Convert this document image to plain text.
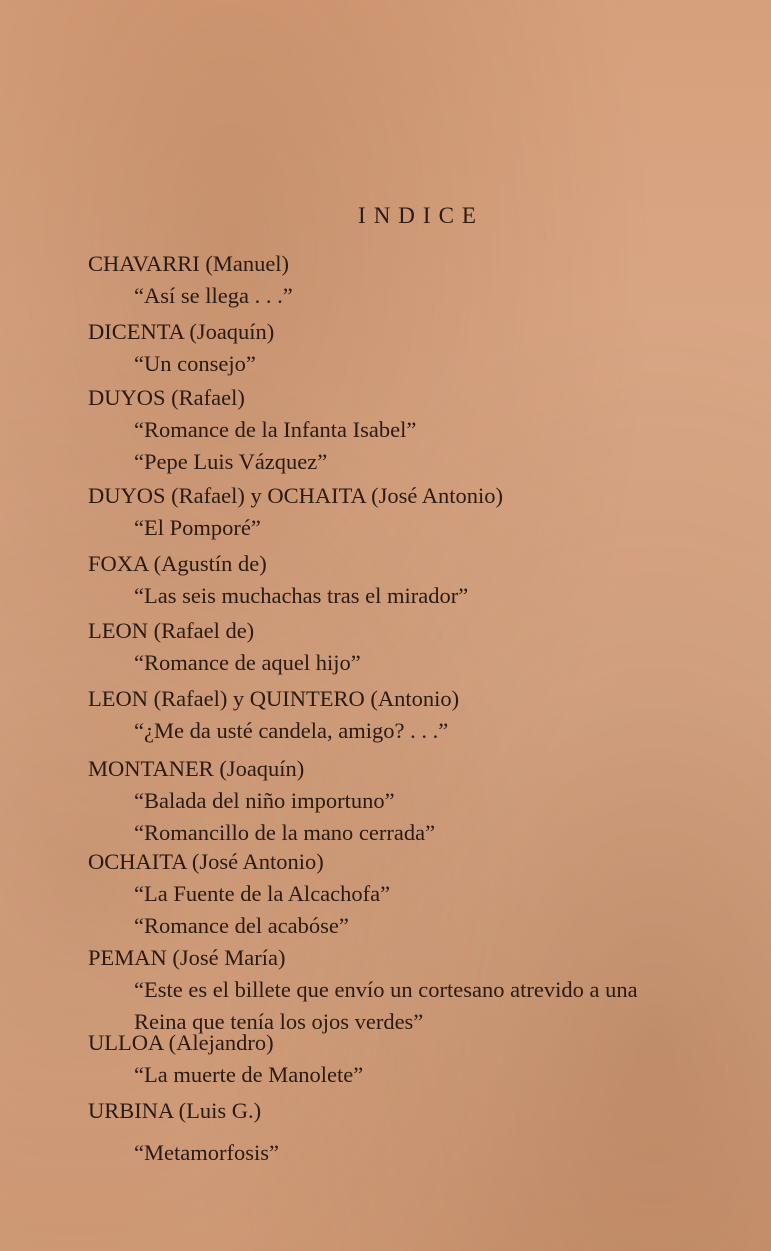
INDICE
CHAVARRI (Manuel)
“Así se llega . . .”
DICENTA (Joaquín)
“Un consejo”
DUYOS (Rafael)
“Romance de la Infanta Isabel”
“Pepe Luis Vázquez”
DUYOS (Rafael) y OCHAITA (José Antonio)
“El Pomporé”
FOXA (Agustín de)
“Las seis muchachas tras el mirador”
LEON (Rafael de)
“Romance de aquel hijo”
LEON (Rafael) y QUINTERO (Antonio)
“¿Me da usté candela, amigo? . . .”
MONTANER (Joaquín)
“Balada del niño importuno”
“Romancillo de la mano cerrada”
OCHAITA (José Antonio)
“La Fuente de la Alcachofa”
“Romance del acabóse”
PEMAN (José María)
“Este es el billete que envío un cortesano atrevido a una
Reina que tenía los ojos verdes”
ULLOA (Alejandro)
“La muerte de Manolete”
URBINA (Luis G.)
“Metamorfosis”
